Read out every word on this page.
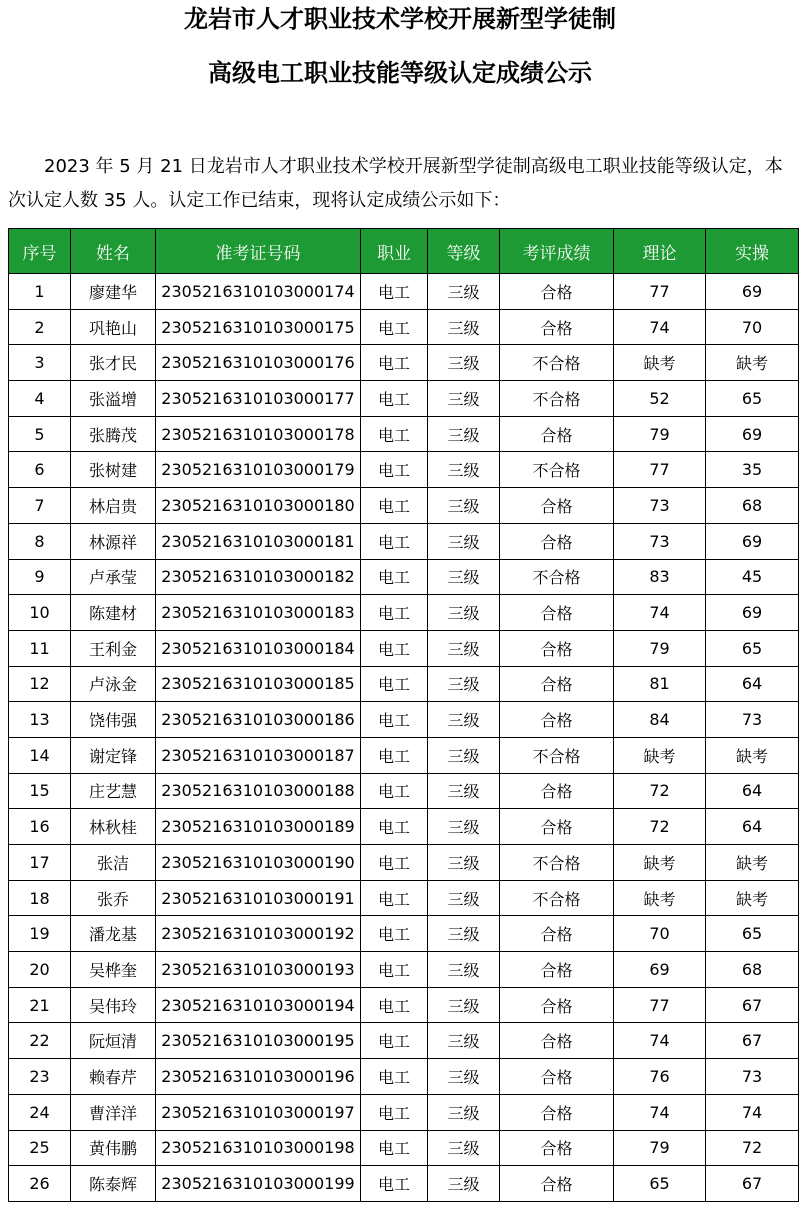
龙岩市人才职业技术学校开展新型学徒制
高级电工职业技能等级认定成绩公示

2023 年 5 月 21 日龙岩市人才职业技术学校开展新型学徒制高级电工职业技能等级认定，本次认定人数 35 人。认定工作已结束，现将认定成绩公示如下：

序号	姓名	准考证号码	职业	等级	考评成绩	理论	实操
1	廖建华	2305216310103000174	电工	三级	合格	77	69
2	巩艳山	2305216310103000175	电工	三级	合格	74	70
3	张才民	2305216310103000176	电工	三级	不合格	缺考	缺考
4	张溢增	2305216310103000177	电工	三级	不合格	52	65
5	张腾茂	2305216310103000178	电工	三级	合格	79	69
6	张树建	2305216310103000179	电工	三级	不合格	77	35
7	林启贵	2305216310103000180	电工	三级	合格	73	68
8	林源祥	2305216310103000181	电工	三级	合格	73	69
9	卢承莹	2305216310103000182	电工	三级	不合格	83	45
10	陈建材	2305216310103000183	电工	三级	合格	74	69
11	王利金	2305216310103000184	电工	三级	合格	79	65
12	卢泳金	2305216310103000185	电工	三级	合格	81	64
13	饶伟强	2305216310103000186	电工	三级	合格	84	73
14	谢定锋	2305216310103000187	电工	三级	不合格	缺考	缺考
15	庄艺慧	2305216310103000188	电工	三级	合格	72	64
16	林秋桂	2305216310103000189	电工	三级	合格	72	64
17	张洁	2305216310103000190	电工	三级	不合格	缺考	缺考
18	张乔	2305216310103000191	电工	三级	不合格	缺考	缺考
19	潘龙基	2305216310103000192	电工	三级	合格	70	65
20	吴桦奎	2305216310103000193	电工	三级	合格	69	68
21	吴伟玲	2305216310103000194	电工	三级	合格	77	67
22	阮烜清	2305216310103000195	电工	三级	合格	74	67
23	赖春芹	2305216310103000196	电工	三级	合格	76	73
24	曹洋洋	2305216310103000197	电工	三级	合格	74	74
25	黄伟鹏	2305216310103000198	电工	三级	合格	79	72
26	陈泰辉	2305216310103000199	电工	三级	合格	65	67
